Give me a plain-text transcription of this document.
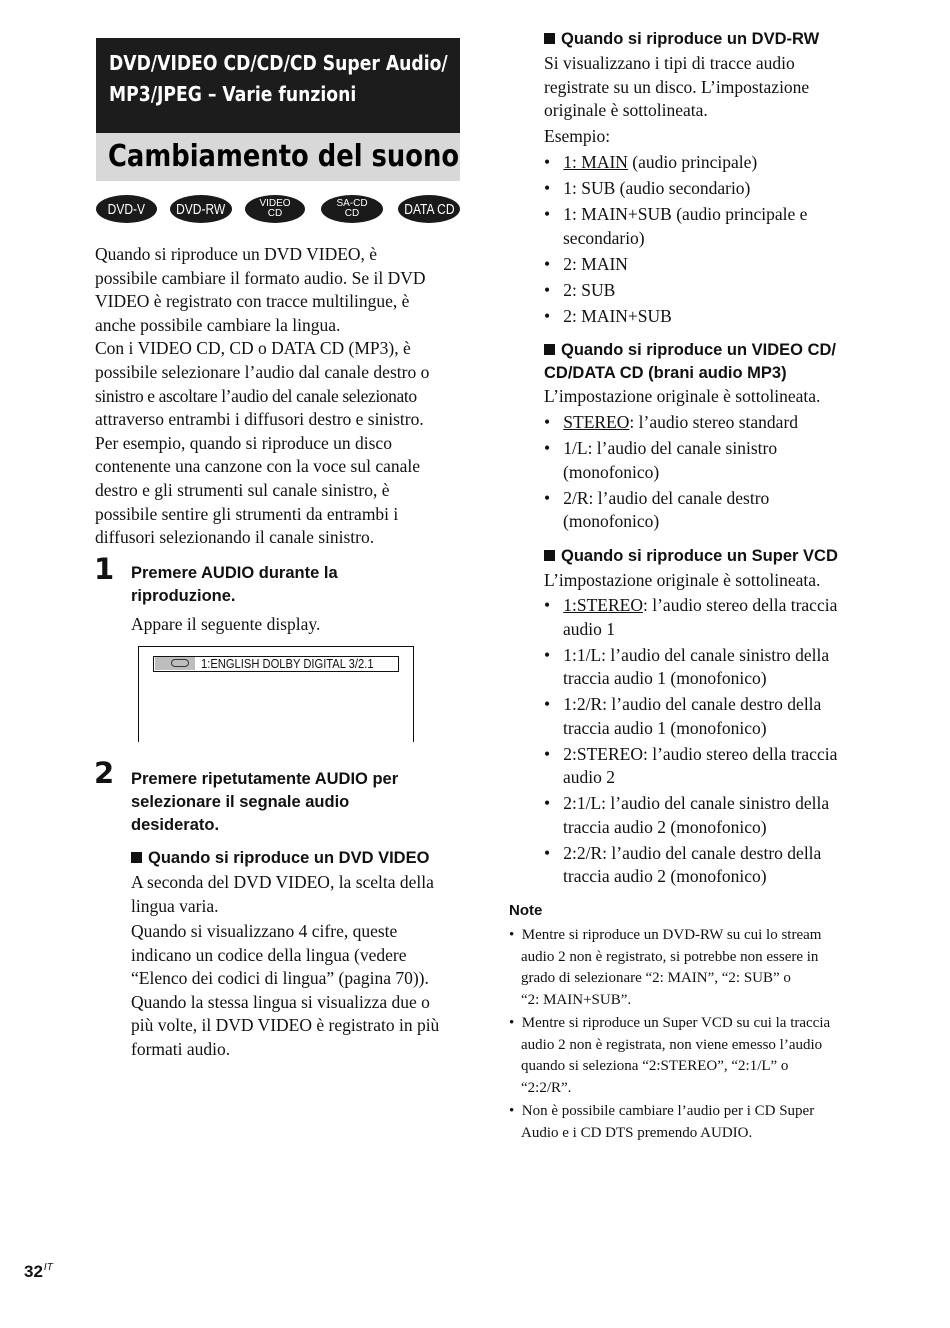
DVD/VIDEO CD/CD/CD Super Audio/
MP3/JPEG – Varie funzioni
Cambiamento del suono
DVD-V DVD-RW	VIDEO
CD
SA-CD
CD	DATA CD
Quando si riproduce un DVD VIDEO, è
possibile cambiare il formato audio. Se il DVD
VIDEO è registrato con tracce multilingue, è
anche possibile cambiare la lingua.
Con i VIDEO CD, CD o DATA CD (MP3), è
possibile selezionare l’audio dal canale destro o
sinistro e ascoltare l’audio del canale selezionato
attraverso entrambi i diffusori destro e sinistro.
Per esempio, quando si riproduce un disco
contenente una canzone con la voce sul canale
destro e gli strumenti sul canale sinistro, è
possibile sentire gli strumenti da entrambi i
diffusori selezionando il canale sinistro.
1 Premere AUDIO durante la
riproduzione.
Appare il seguente display.
1:ENGLISH DOLBY DIGITAL 3/2.1
2 Premere ripetutamente AUDIO per
selezionare il segnale audio
desiderato.
Quando si riproduce un DVD VIDEO
A seconda del DVD VIDEO, la scelta della
lingua varia.
Quando si visualizzano 4 cifre, queste
indicano un codice della lingua (vedere
“Elenco dei codici di lingua” (pagina 70)).
Quando la stessa lingua si visualizza due o
più volte, il DVD VIDEO è registrato in più
formati audio.
Quando si riproduce un DVD-RW
Si visualizzano i tipi di tracce audio
registrate su un disco. L’impostazione
originale è sottolineata.
Esempio:
•   1: MAIN (audio principale)
•   1: SUB (audio secondario)
•   1: MAIN+SUB (audio principale e
secondario)
•   2: MAIN
•   2: SUB
•   2: MAIN+SUB
Quando si riproduce un VIDEO CD/
CD/DATA CD (brani audio MP3)
L’impostazione originale è sottolineata.
•   STEREO: l’audio stereo standard
•   1/L: l’audio del canale sinistro
(monofonico)
•   2/R: l’audio del canale destro
(monofonico)
Quando si riproduce un Super VCD
L’impostazione originale è sottolineata.
•   1:STEREO: l’audio stereo della traccia
audio 1
•   1:1/L: l’audio del canale sinistro della
traccia audio 1 (monofonico)
•   1:2/R: l’audio del canale destro della
traccia audio 1 (monofonico)
•   2:STEREO: l’audio stereo della traccia
audio 2
•   2:1/L: l’audio del canale sinistro della
traccia audio 2 (monofonico)
•   2:2/R: l’audio del canale destro della
traccia audio 2 (monofonico)
Note
•  Mentre si riproduce un DVD-RW su cui lo stream
audio 2 non è registrato, si potrebbe non essere in
grado di selezionare “2: MAIN”, “2: SUB” o
“2: MAIN+SUB”.
•  Mentre si riproduce un Super VCD su cui la traccia
audio 2 non è registrata, non viene emesso l’audio
quando si seleziona “2:STEREO”, “2:1/L” o
“2:2/R”.
•  Non è possibile cambiare l’audio per i CD Super
Audio e i CD DTS premendo AUDIO.
$32^{IT}$
